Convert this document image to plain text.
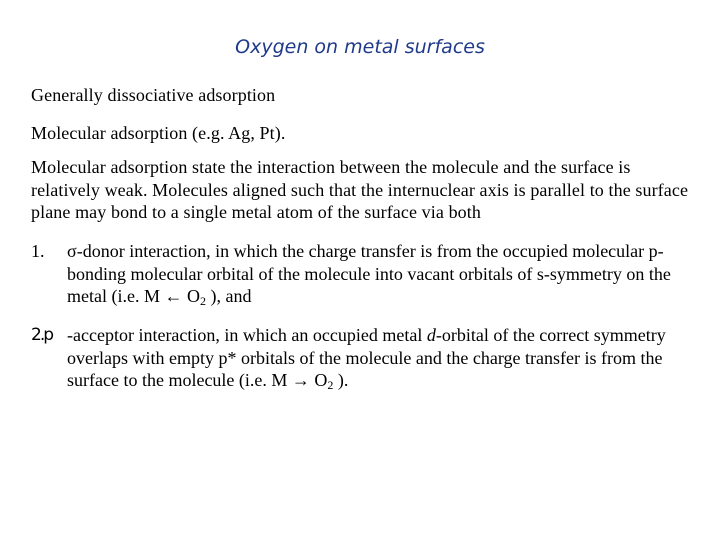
Oxygen on metal surfaces
Generally dissociative adsorption
Molecular adsorption (e.g. Ag, Pt).
Molecular adsorption state the interaction between the molecule and the surface is relatively weak. Molecules aligned such that the internuclear axis is parallel to the surface plane may bond to a single metal atom of the surface via both
1.	σ-donor interaction, in which the charge transfer is from the occupied molecular p-bonding molecular orbital of the molecule into vacant orbitals of s-symmetry on the metal (i.e. M ← $O_2$ ), and
2.p -acceptor interaction, in which an occupied metal d-orbital of the correct symmetry overlaps with empty p* orbitals of the molecule and the charge transfer is from the surface to the molecule (i.e. $M \to O_2$ ).
